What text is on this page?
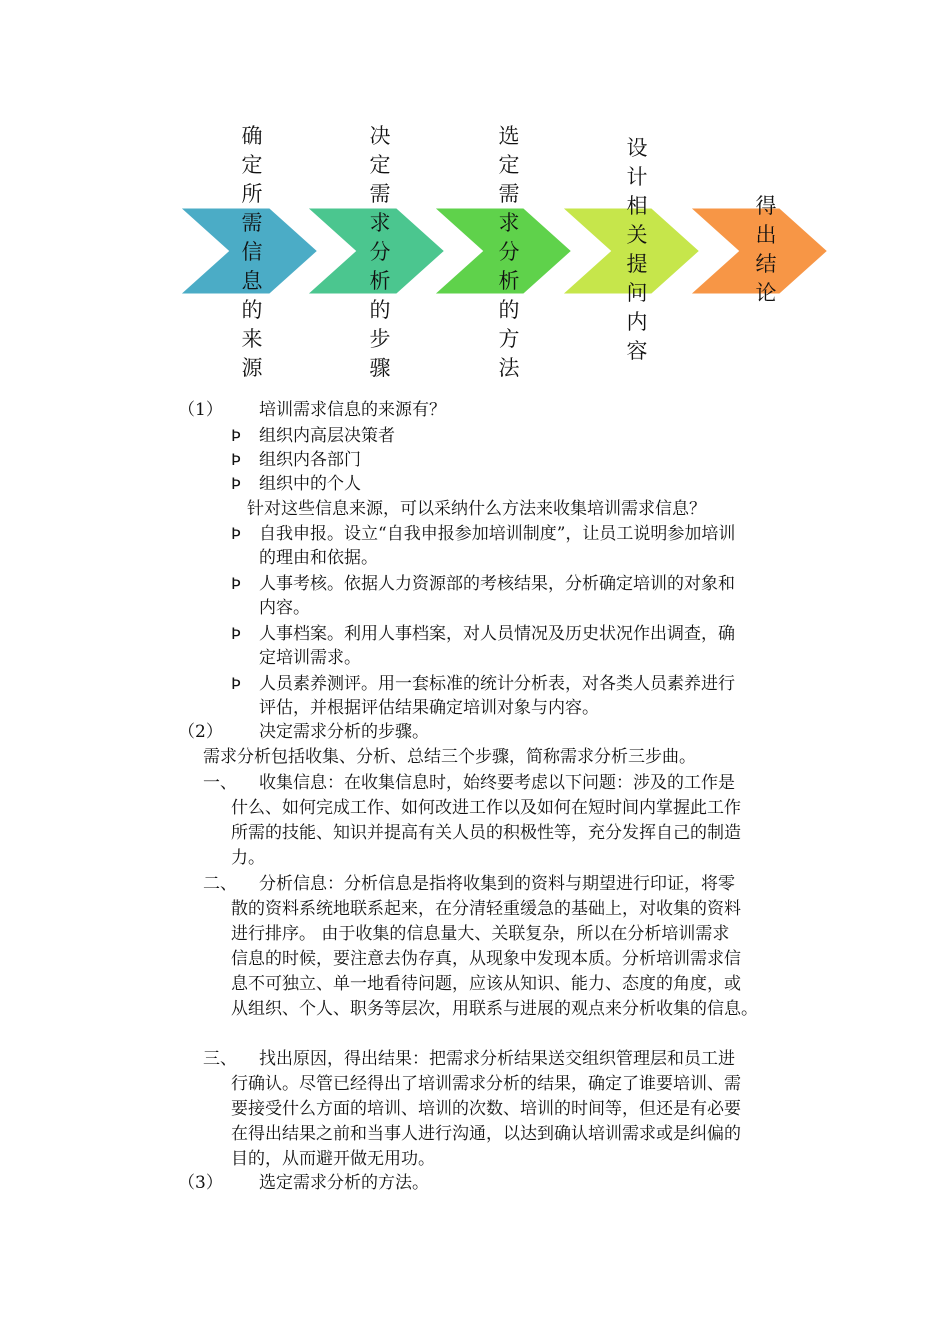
确定所需信息的来源
决定需求分析的步骤
选定需求分析的方法
设计相关提问内容
得出结论
（1） 培训需求信息的来源有？
Þ 组织内高层决策者
Þ 组织内各部门
Þ 组织中的个人
针对这些信息来源，可以采纳什么方法来收集培训需求信息？
Þ 自我申报。设立“自我申报参加培训制度”，让员工说明参加培训
的理由和依据。
Þ 人事考核。依据人力资源部的考核结果，分析确定培训的对象和
内容。
Þ 人事档案。利用人事档案，对人员情况及历史状况作出调查，确
定培训需求。
Þ 人员素养测评。用一套标准的统计分析表，对各类人员素养进行
评估，并根据评估结果确定培训对象与内容。
（2） 决定需求分析的步骤。
需求分析包括收集、分析、总结三个步骤，简称需求分析三步曲。
一、 收集信息：在收集信息时，始终要考虑以下问题：涉及的工作是
什么、如何完成工作、如何改进工作以及如何在短时间内掌握此工作
所需的技能、知识并提高有关人员的积极性等，充分发挥自己的制造
力。
二、 分析信息：分析信息是指将收集到的资料与期望进行印证，将零
散的资料系统地联系起来，在分清轻重缓急的基础上，对收集的资料
进行排序。 由于收集的信息量大、关联复杂，所以在分析培训需求
信息的时候，要注意去伪存真，从现象中发现本质。分析培训需求信
息不可独立、单一地看待问题，应该从知识、能力、态度的角度，或
从组织、个人、职务等层次，用联系与进展的观点来分析收集的信息。
三、 找出原因，得出结果：把需求分析结果送交组织管理层和员工进
行确认。尽管已经得出了培训需求分析的结果，确定了谁要培训、需
要接受什么方面的培训、培训的次数、培训的时间等，但还是有必要
在得出结果之前和当事人进行沟通，以达到确认培训需求或是纠偏的
目的，从而避开做无用功。
（3） 选定需求分析的方法。
